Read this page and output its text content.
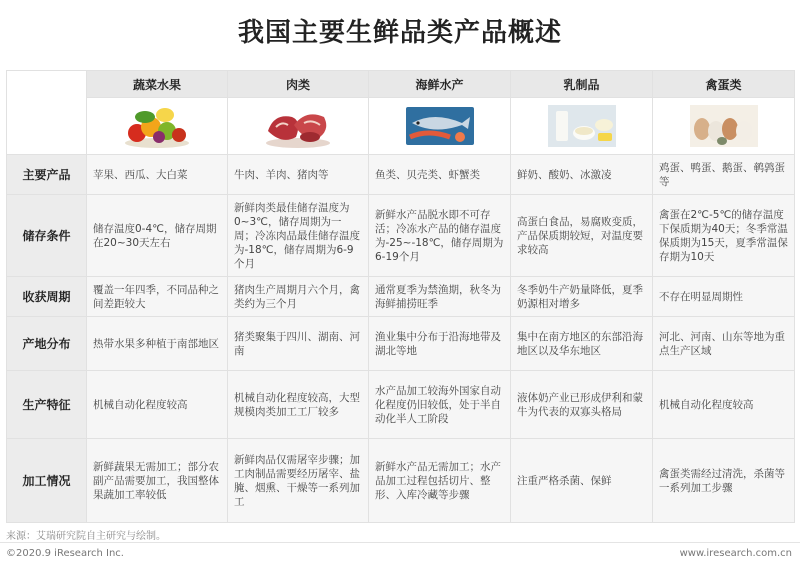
我国主要生鲜品类产品概述
	蔬菜水果	肉类	海鲜水产	乳制品	禽蛋类

主要产品	苹果、西瓜、大白菜	牛肉、羊肉、猪肉等	鱼类、贝壳类、虾蟹类	鲜奶、酸奶、冰激凌	鸡蛋、鸭蛋、鹅蛋、鹌鹑蛋等
储存条件	储存温度0-4℃，储存周期在20~30天左右	新鲜肉类最佳储存温度为0~3℃，储存周期为一周；冷冻肉品最佳储存温度为-18℃，储存周期为6-9个月	新鲜水产品脱水即不可存活；冷冻水产品的储存温度为-25~-18℃，储存周期为6-19个月	高蛋白食品，易腐败变质，产品保质期较短，对温度要求较高	禽蛋在2℃-5℃的储存温度下保质期为40天；冬季常温保质期为15天，夏季常温保存期为10天
收获周期	覆盖一年四季，不同品种之间差距较大	猪肉生产周期月六个月，禽类约为三个月	通常夏季为禁渔期，秋冬为海鲜捕捞旺季	冬季奶牛产奶量降低，夏季奶源相对增多	不存在明显周期性
产地分布	热带水果多种植于南部地区	猪类聚集于四川、湖南、河南	渔业集中分布于沿海地带及湖北等地	集中在南方地区的东部沿海地区以及华东地区	河北、河南、山东等地为重点生产区域
生产特征	机械自动化程度较高	机械自动化程度较高，大型规模肉类加工工厂较多	水产品加工较海外国家自动化程度仍旧较低，处于半自动化半人工阶段	液体奶产业已形成伊利和蒙牛为代表的双寡头格局	机械自动化程度较高
加工情况	新鲜蔬果无需加工；部分农副产品需要加工，我国整体果蔬加工率较低	新鲜肉品仅需屠宰步骤；加工肉制品需要经历屠宰、盐腌、烟熏、干燥等一系列加工	新鲜水产品无需加工；水产品加工过程包括切片、整形、入库冷藏等步骤	注重严格杀菌、保鲜	禽蛋类需经过清洗，杀菌等一系列加工步骤
来源：艾瑞研究院自主研究与绘制。
©2020.9 iResearch Inc.	www.iresearch.com.cn
